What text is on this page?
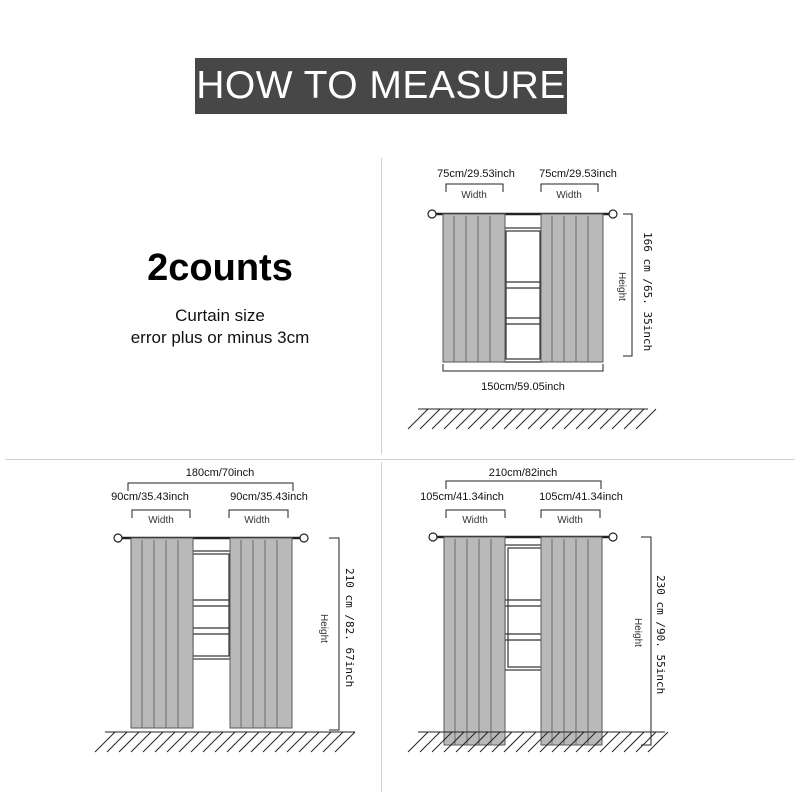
HOW TO MEASURE
2counts
Curtain size
error plus or minus 3cm
75cm/29.53inch 75cm/29.53inch
Width	Width
150cm/59.05inch
166 cm /65. 35inch
Height
180cm/70inch
90cm/35.43inch	90cm/35.43inch
Width	Width
210 cm /82. 67inch
Height
210cm/82inch
105cm/41.34inch	105cm/41.34inch
Width	Width
230 cm /90. 55inch
Height
